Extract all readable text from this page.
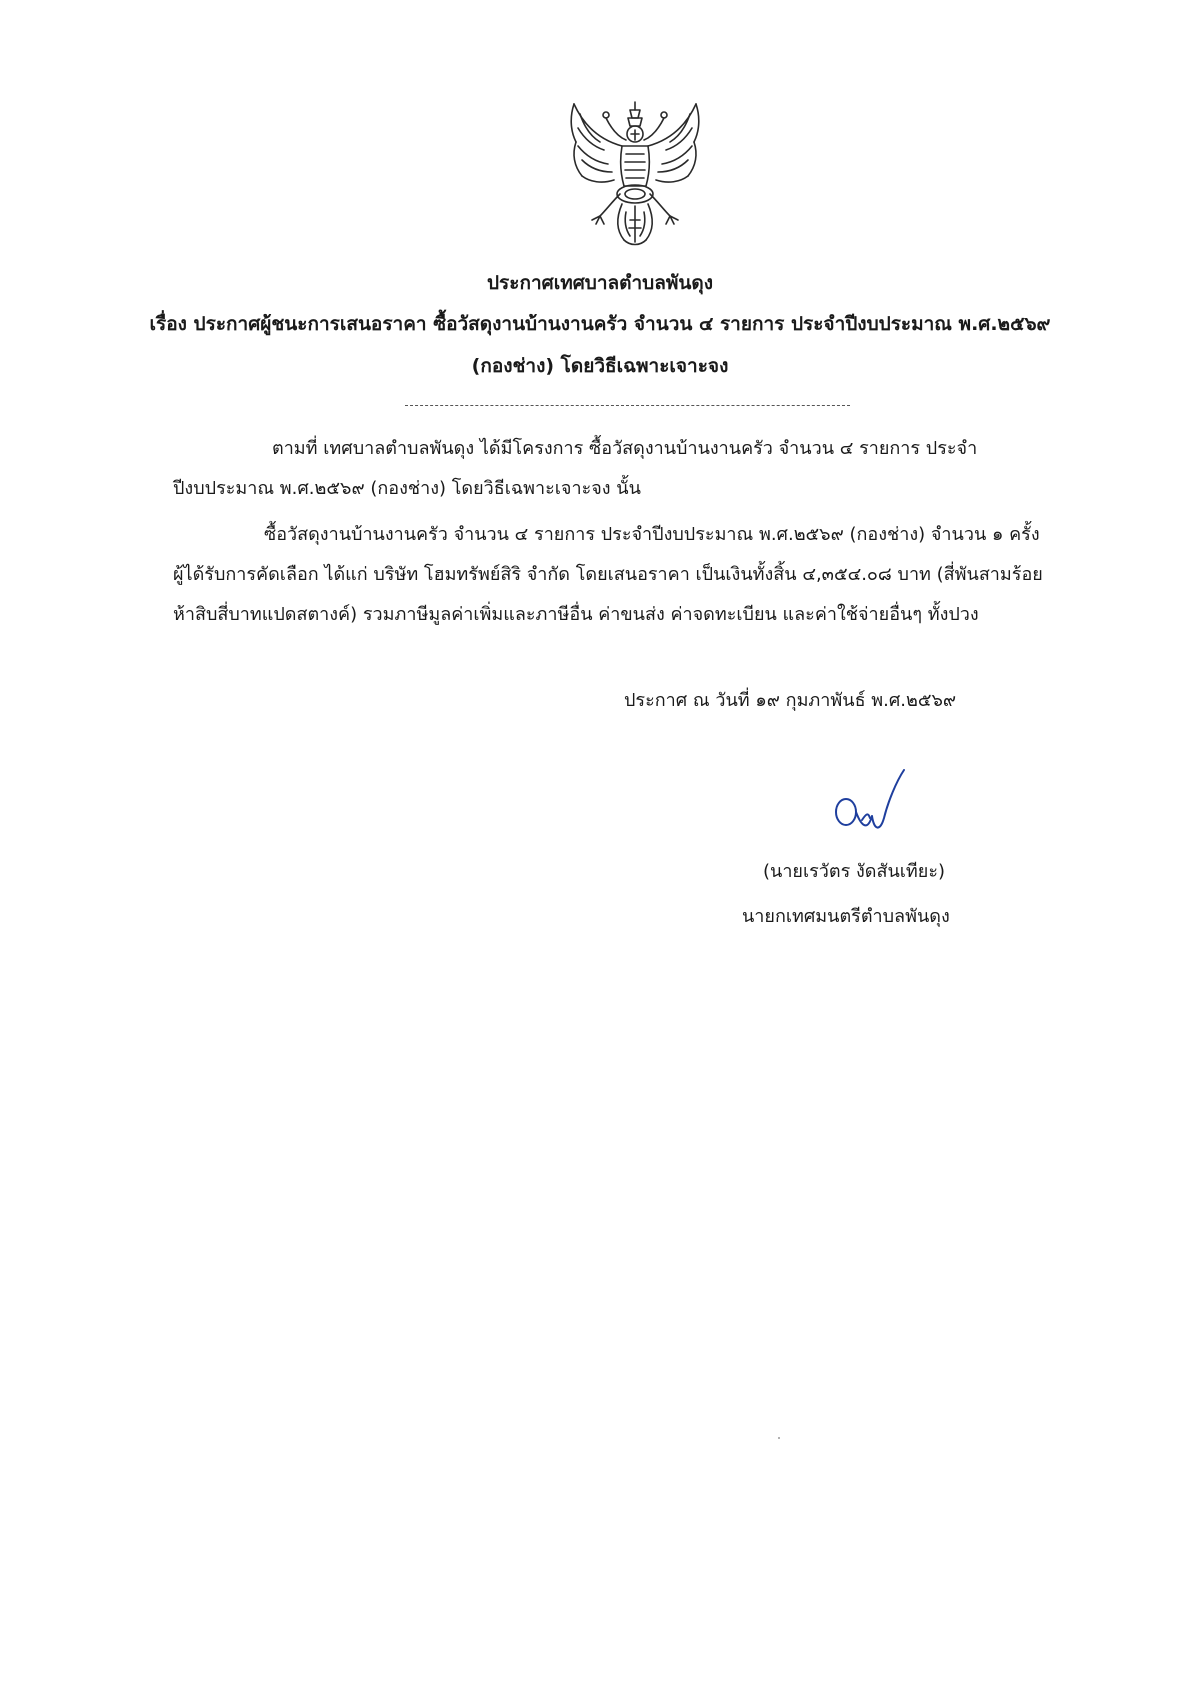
ประกาศเทศบาลตำบลพันดุง
เรื่อง ประกาศผู้ชนะการเสนอราคา ซื้อวัสดุงานบ้านงานครัว จำนวน ๔ รายการ ประจำปีงบประมาณ พ.ศ.๒๕๖๙
(กองช่าง) โดยวิธีเฉพาะเจาะจง
ตามที่ เทศบาลตำบลพันดุง ได้มีโครงการ ซื้อวัสดุงานบ้านงานครัว จำนวน ๔ รายการ ประจำ
ปีงบประมาณ พ.ศ.๒๕๖๙ (กองช่าง) โดยวิธีเฉพาะเจาะจง นั้น
ซื้อวัสดุงานบ้านงานครัว จำนวน ๔ รายการ ประจำปีงบประมาณ พ.ศ.๒๕๖๙ (กองช่าง) จำนวน ๑ ครั้ง
ผู้ได้รับการคัดเลือก ได้แก่ บริษัท โฮมทรัพย์สิริ จำกัด โดยเสนอราคา เป็นเงินทั้งสิ้น ๔,๓๕๔.๐๘ บาท (สี่พันสามร้อย
ห้าสิบสี่บาทแปดสตางค์) รวมภาษีมูลค่าเพิ่มและภาษีอื่น ค่าขนส่ง ค่าจดทะเบียน และค่าใช้จ่ายอื่นๆ ทั้งปวง
ประกาศ ณ วันที่ ๑๙ กุมภาพันธ์ พ.ศ.๒๕๖๙
(นายเรวัตร งัดสันเทียะ)
นายกเทศมนตรีตำบลพันดุง
